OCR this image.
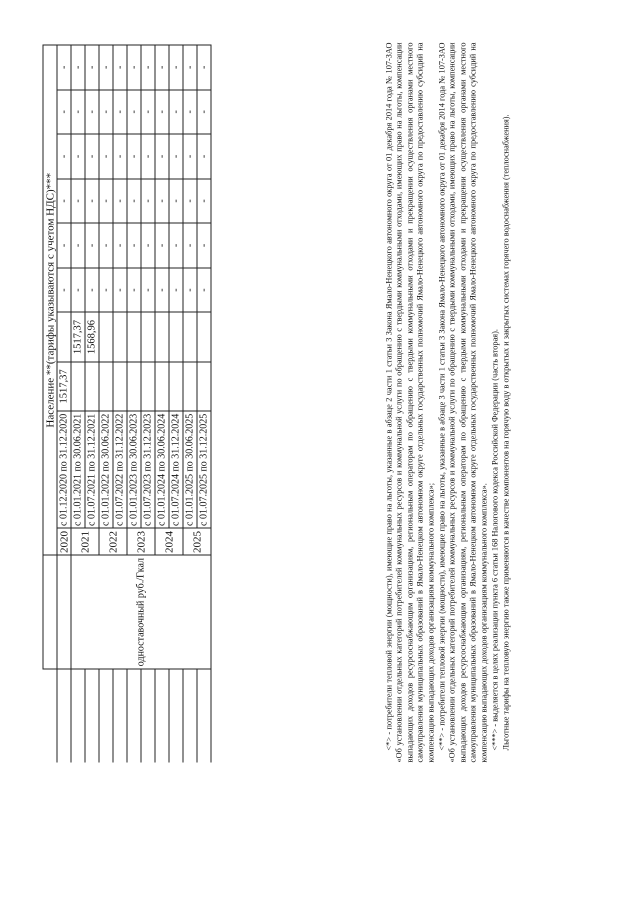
		Население **(тарифы указываются с учетом НДС)***									
		2020	с 01.12.2020 по 31.12.2020	1517,37		-	-	-	-	-	-
	одноставочный руб./Гкал	2021	с 01.01.2021 по 30.06.2021		1517,37	-	-	-	-	-	-
			с 01.07.2021 по 31.12.2021		1568,96	-	-	-	-	-	-
		2022	с 01.01.2022 по 30.06.2022			-	-	-	-	-	-
			с 01.07.2022 по 31.12.2022			-	-	-	-	-	-
		2023	с 01.01.2023 по 30.06.2023			-	-	-	-	-	-
			с 01.07.2023 по 31.12.2023			-	-	-	-	-	-
		2024	с 01.01.2024 по 30.06.2024			-	-	-	-	-	-
			с 01.07.2024 по 31.12.2024			-	-	-	-	-	-
		2025	с 01.01.2025 по 30.06.2025			-	-	-	-	-	-
			с 01.07.2025 по 31.12.2025			-	-	-	-	-	-	<*> - потребители тепловой энергии (мощности), имеющие право на льготы, указанные в абзаце 2 части 1 статьи 3 Закона Ямало-Ненецкого автономного округа от 01 декабря 2014 года № 107-ЗАО «Об установлении отдельных категорий потребителей коммунальных ресурсов и коммунальной услуги по обращению с твердыми коммунальными отходами, имеющих право на льготы, компенсации выпадающих доходов ресурсоснабжающим организациям, региональным операторам по обращению с твердыми коммунальными отходами и прекращении осуществления органами местного самоуправления муниципальных образований в Ямало-Ненецком автономном округе отдельных государственных полномочий Ямало-Ненецкого автономного округа по предоставлению субсидий на компенсацию выпадающих доходов организациям коммунального комплекса»; <**> - потребители тепловой энергии (мощности), имеющие право на льготы, указанные в абзаце 3 части 1 статьи 3 Закона Ямало-Ненецкого автономного округа от 01 декабря 2014 года № 107-ЗАО «Об установлении отдельных категорий потребителей коммунальных ресурсов и коммунальной услуги по обращению с твердыми коммунальными отходами, имеющих право на льготы, компенсации выпадающих доходов ресурсоснабжающим организациям, региональным операторам по обращению с твердыми коммунальными отходами и прекращении осуществления органами местного самоуправления муниципальных образований в Ямало-Ненецком автономном округе отдельных государственных полномочий Ямало-Ненецкого автономного округа по предоставлению субсидий на компенсацию выпадающих доходов организациям коммунального комплекса». <***> - выделяется в целях реализации пункта 6 статьи 168 Налогового кодекса Российской Федерации (часть вторая). Льготные тарифы на тепловую энергию также применяются в качестве компонентов на горячую воду в открытых и закрытых системах горячего водоснабжения (теплоснабжения).
